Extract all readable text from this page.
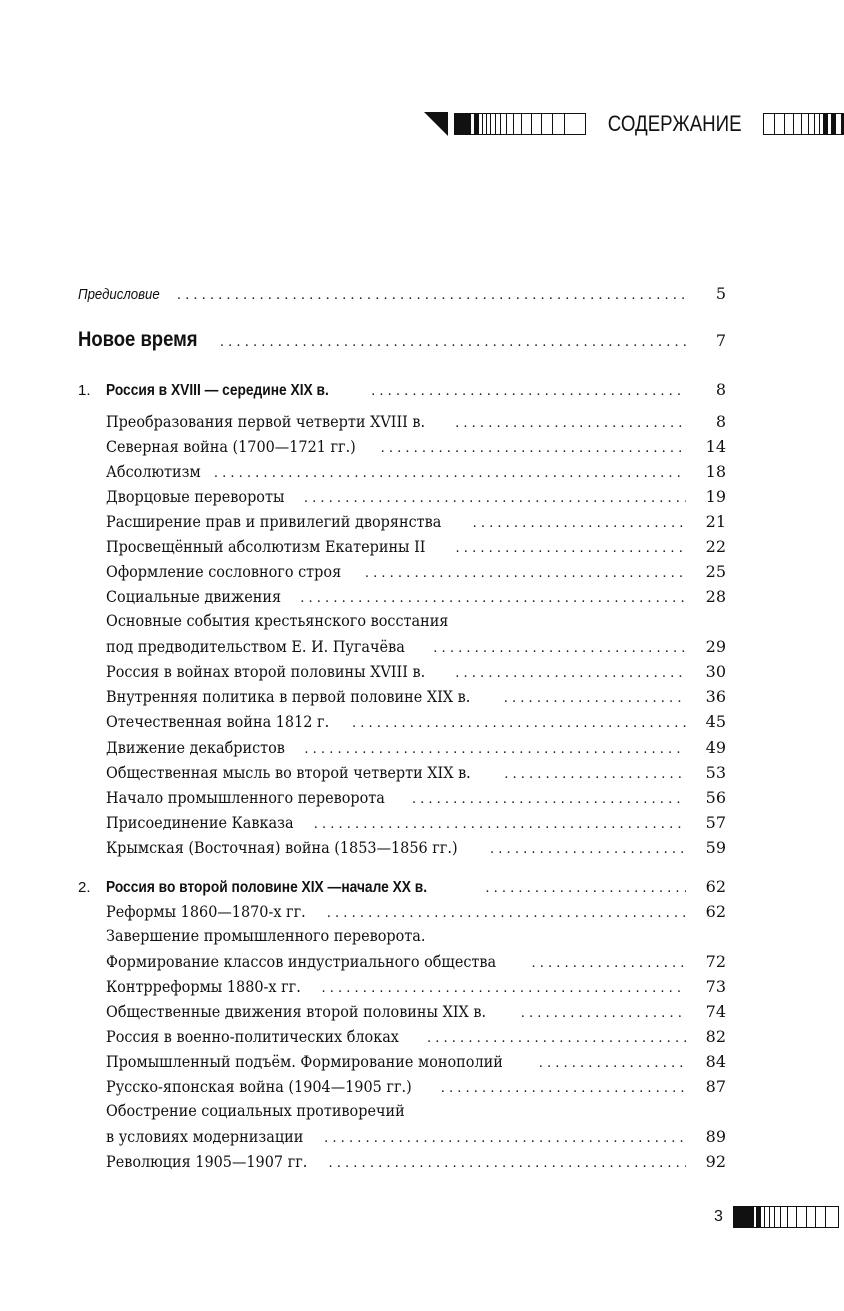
СОДЕРЖАНИЕ
Предисловие . . .	5
Новое время . . .	7
1. Россия в XVIII — середине XIX в. . . .	8
Преобразования первой четверти XVIII в. . . .	8
Северная война (1700—1721 гг.) . . .	14
Абсолютизм . . .	18
Дворцовые перевороты . . .	19
Расширение прав и привилегий дворянства . . .	21
Просвещённый абсолютизм Екатерины II . . .	22
Оформление сословного строя . . .	25
Социальные движения . . .	28
Основные события крестьянского восстания
под предводительством Е. И. Пугачёва . . .	29
Россия в войнах второй половины XVIII в. . . .	30
Внутренняя политика в первой половине XIX в. . . .	36
Отечественная война 1812 г. . . .	45
Движение декабристов . . .	49
Общественная мысль во второй четверти XIX в. . . .	53
Начало промышленного переворота . . .	56
Присоединение Кавказа . . .	57
Крымская (Восточная) война (1853—1856 гг.) . . .	59
2. Россия во второй половине XIX —начале XX в. . . .	62
Реформы 1860—1870-х гг. . . .	62
Завершение промышленного переворота.
Формирование классов индустриального общества . . .	72
Контрреформы 1880-х гг. . . .	73
Общественные движения второй половины XIX в. . . .	74
Россия в военно-политических блоках . . .	82
Промышленный подъём. Формирование монополий . . .	84
Русско-японская война (1904—1905 гг.) . . .	87
Обострение социальных противоречий
в условиях модернизации . . .	89
Революция 1905—1907 гг. . . .	92
3
